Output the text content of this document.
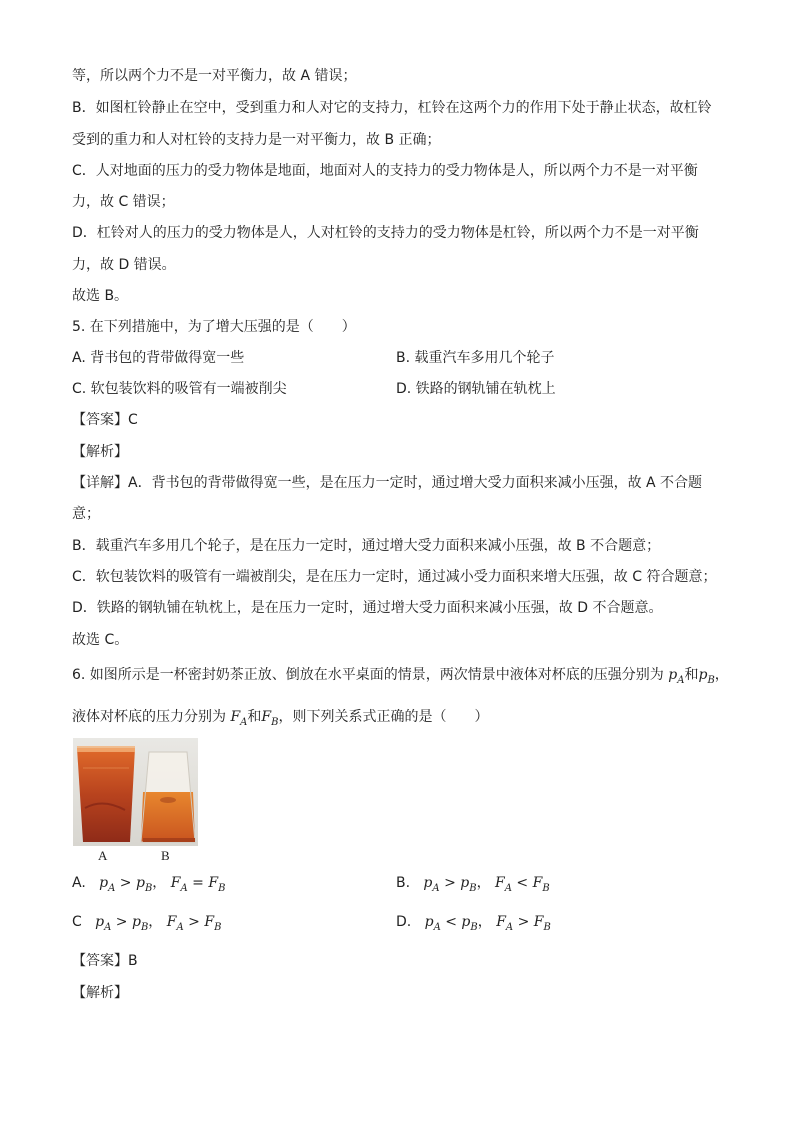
等，所以两个力不是一对平衡力，故 A 错误；
B．如图杠铃静止在空中，受到重力和人对它的支持力，杠铃在这两个力的作用下处于静止状态，故杠铃
受到的重力和人对杠铃的支持力是一对平衡力，故 B 正确；
C．人对地面的压力的受力物体是地面，地面对人的支持力的受力物体是人，所以两个力不是一对平衡
力，故 C 错误；
D．杠铃对人的压力的受力物体是人，人对杠铃的支持力的受力物体是杠铃，所以两个力不是一对平衡
力，故 D 错误。
故选 B。
5. 在下列措施中，为了增大压强的是（　　）
A. 背书包的背带做得宽一些	B. 载重汽车多用几个轮子
C. 软包装饮料的吸管有一端被削尖	D. 铁路的钢轨铺在轨枕上
【答案】C
【解析】
【详解】A．背书包的背带做得宽一些，是在压力一定时，通过增大受力面积来减小压强，故 A 不合题
意；
B．载重汽车多用几个轮子，是在压力一定时，通过增大受力面积来减小压强，故 B 不合题意；
C．软包装饮料的吸管有一端被削尖，是在压力一定时，通过减小受力面积来增大压强，故 C 符合题意；
D．铁路的钢轨铺在轨枕上，是在压力一定时，通过增大受力面积来减小压强，故 D 不合题意。
故选 C。
6. 如图所示是一杯密封奶茶正放、倒放在水平桌面的情景，两次情景中液体对杯底的压强分别为 $p_A$和$p_B$，
液体对杯底的压力分别为 $F_A$和$F_B$，则下列关系式正确的是（　　）
A	B
A. $p_A > p_B$， $F_A = F_B$	B. $p_A > p_B$， $F_A < F_B$
C $p_A > p_B$， $F_A > F_B$	D. $p_A < p_B$， $F_A > F_B$
【答案】B
【解析】
